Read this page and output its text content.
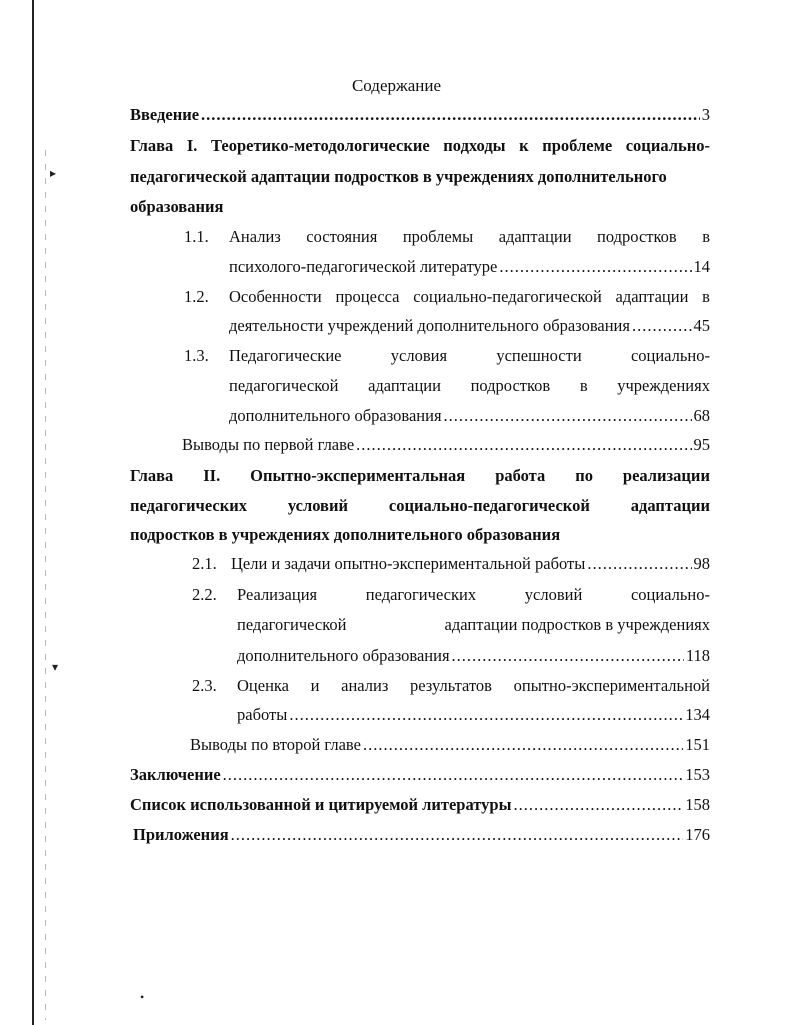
▸
▾
•
Содержание
Введение .....	3
Глава I. Теоретико-методологические подходы к проблеме социально-
педагогической адаптации подростков в учреждениях дополнительного
образования
1.1. Анализ состояния проблемы адаптации подростков в
психолого-педагогической литературе .....	14
1.2. Особенности процесса социально-педагогической адаптации в
деятельности учреждений дополнительного образования .....	45
1.3. Педагогические	условия	успешности	социально-
педагогической адаптации подростков в учреждениях
дополнительного образования .....	68
Выводы по первой главе .....	95
Глава II. Опытно-экспериментальная работа по реализации
педагогических условий социально-педагогической адаптации
подростков в учреждениях дополнительного образования
2.1. Цели и задачи опытно-экспериментальной работы .....	98
2.2. Реализация	педагогических	условий	социально-
педагогической	адаптации подростков в учреждениях
дополнительного образования .....	118
2.3. Оценка и анализ результатов опытно-экспериментальной
работы .....	134
Выводы по второй главе .....	151
Заключение .....	153
Список использованной и цитируемой литературы .....	158
Приложения .....	176
